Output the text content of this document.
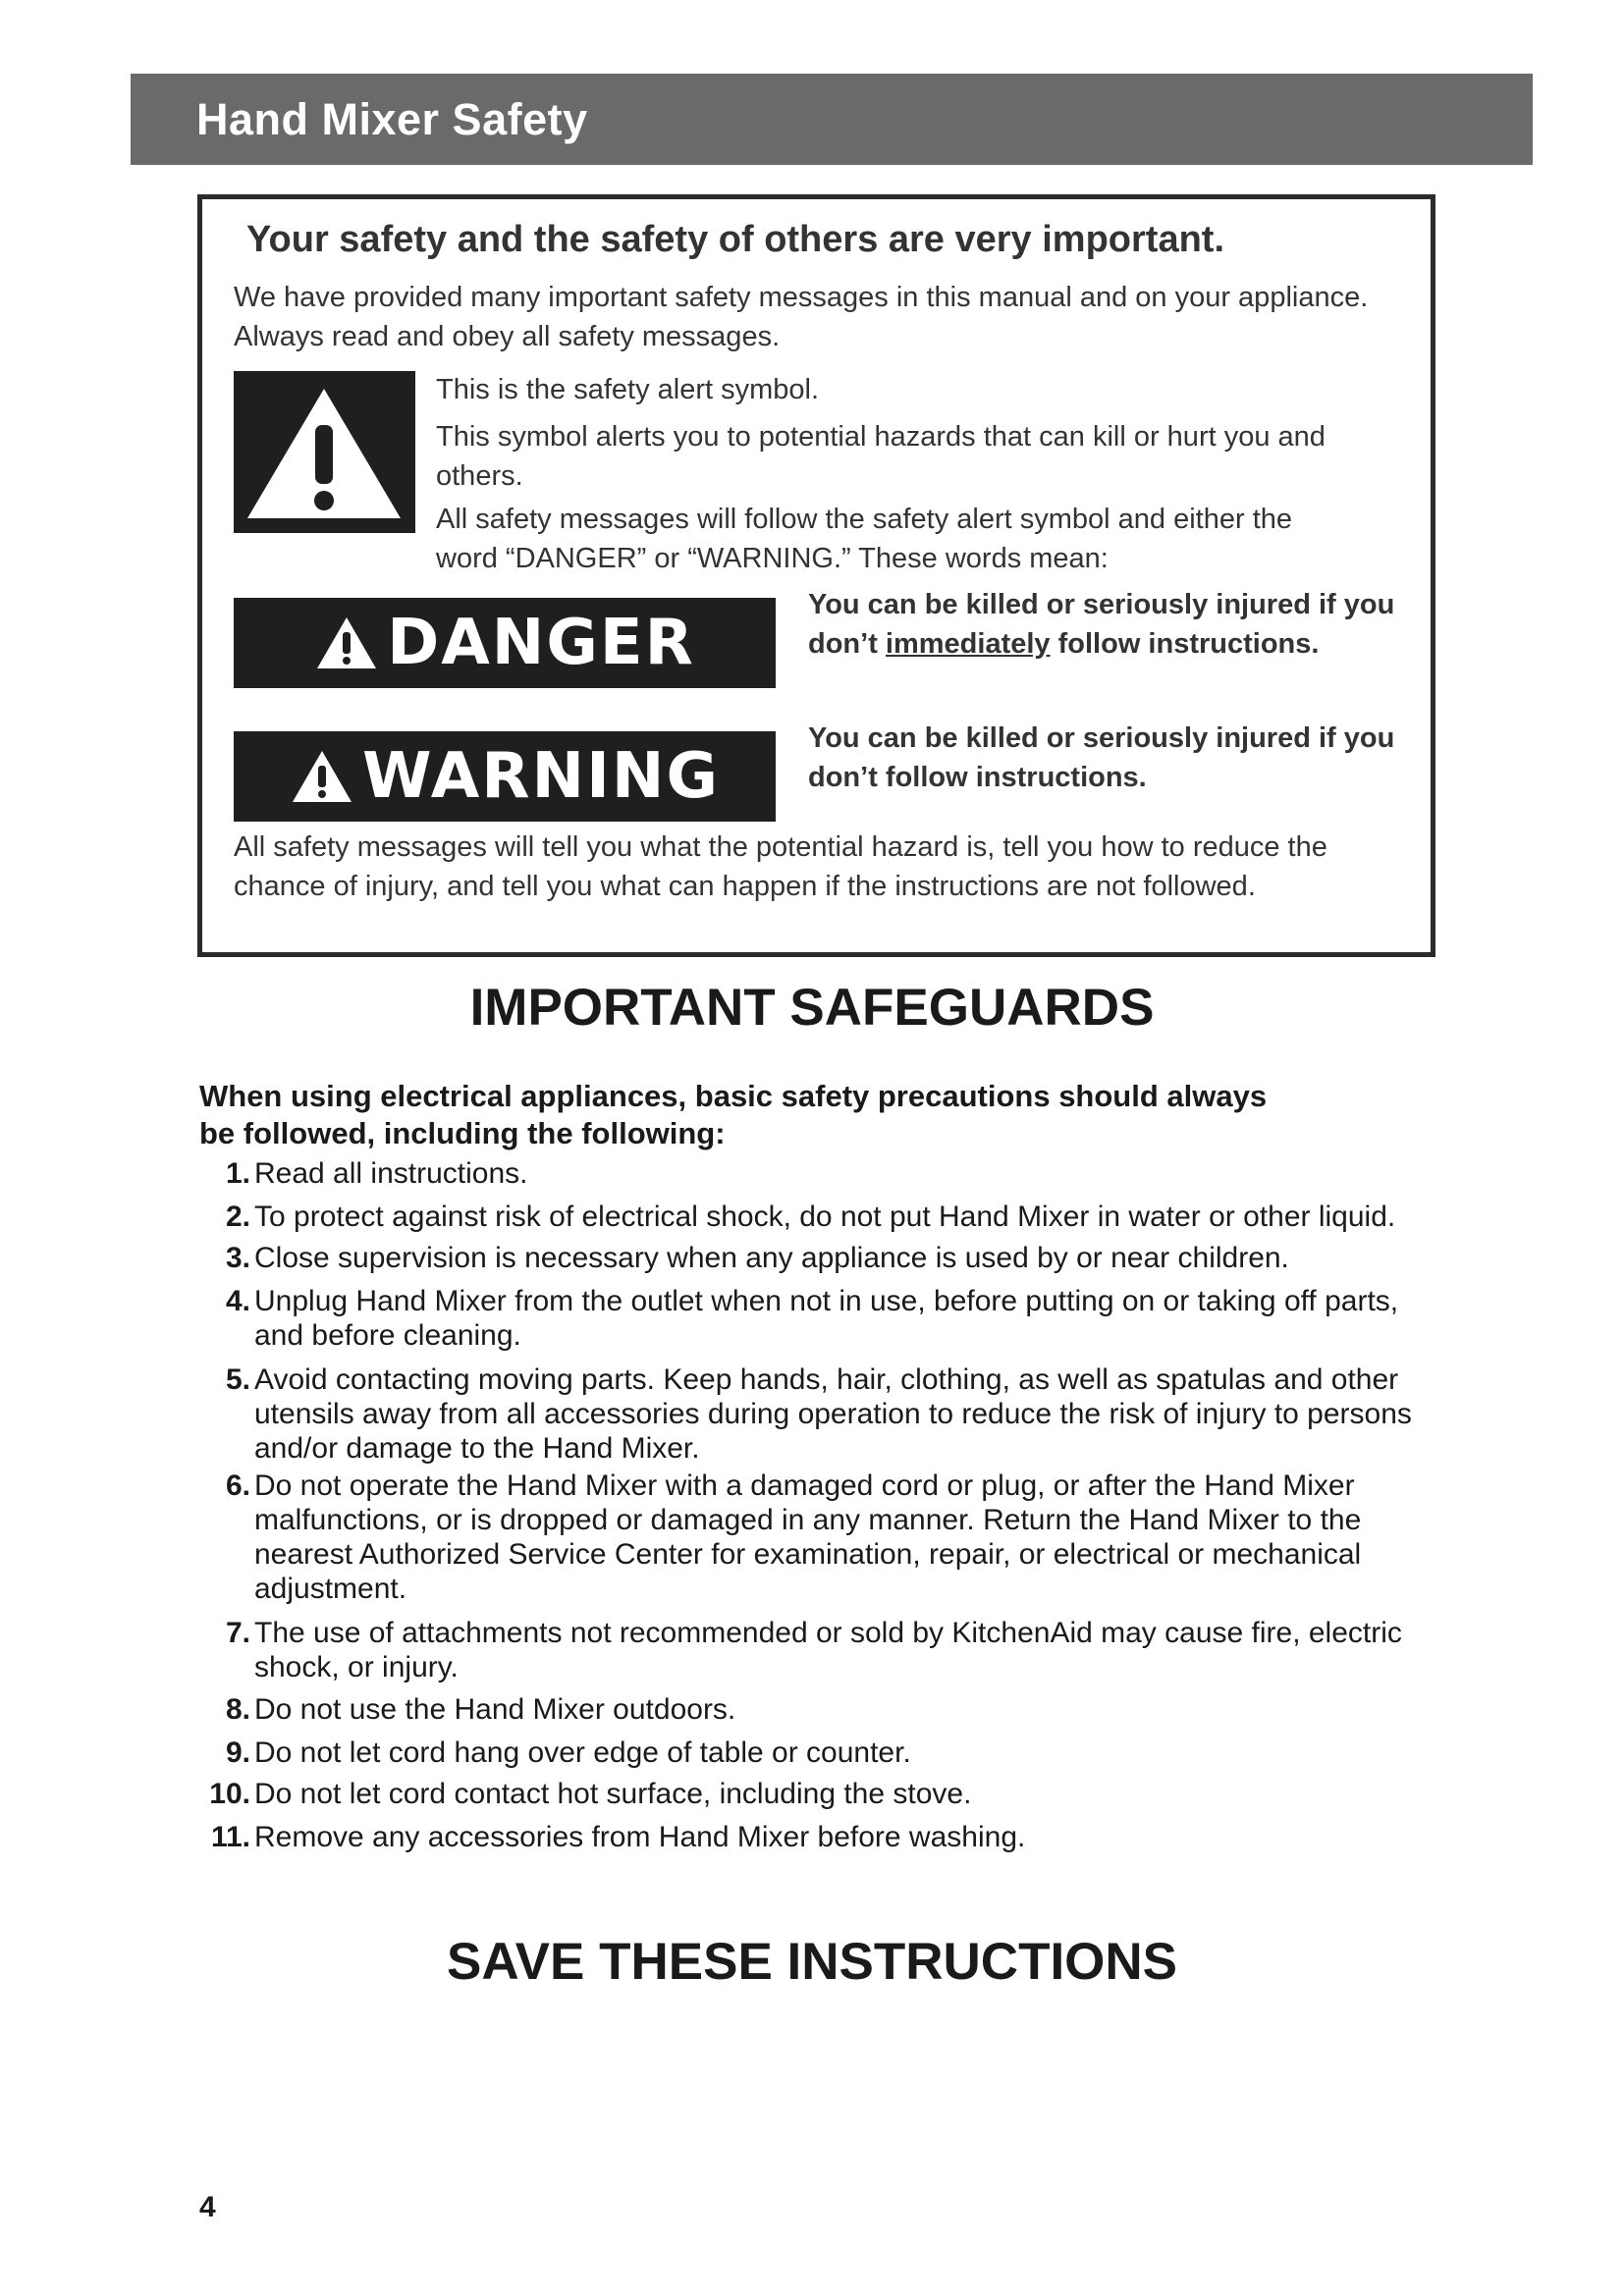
Hand Mixer Safety
Your safety and the safety of others are very important.
We have provided many important safety messages in this manual and on your appliance. Always read and obey all safety messages.
This is the safety alert symbol.
This symbol alerts you to potential hazards that can kill or hurt you and others.
All safety messages will follow the safety alert symbol and either the word “DANGER” or “WARNING.” These words mean:
DANGER
You can be killed or seriously injured if you don’t immediately follow instructions.
WARNING
You can be killed or seriously injured if you don’t follow instructions.
All safety messages will tell you what the potential hazard is, tell you how to reduce the chance of injury, and tell you what can happen if the instructions are not followed.
IMPORTANT SAFEGUARDS
When using electrical appliances, basic safety precautions should always
be followed, including the following:
1. Read all instructions.
2. To protect against risk of electrical shock, do not put Hand Mixer in water or other liquid.
3. Close supervision is necessary when any appliance is used by or near children.
4. Unplug Hand Mixer from the outlet when not in use, before putting on or taking off parts, and before cleaning.
5. Avoid contacting moving parts. Keep hands, hair, clothing, as well as spatulas and other utensils away from all accessories during operation to reduce the risk of injury to persons and/or damage to the Hand Mixer.
6. Do not operate the Hand Mixer with a damaged cord or plug, or after the Hand Mixer malfunctions, or is dropped or damaged in any manner. Return the Hand Mixer to the nearest Authorized Service Center for examination, repair, or electrical or mechanical adjustment.
7. The use of attachments not recommended or sold by KitchenAid may cause fire, electric shock, or injury.
8. Do not use the Hand Mixer outdoors.
9. Do not let cord hang over edge of table or counter.
10. Do not let cord contact hot surface, including the stove.
11. Remove any accessories from Hand Mixer before washing.
SAVE THESE INSTRUCTIONS
4
